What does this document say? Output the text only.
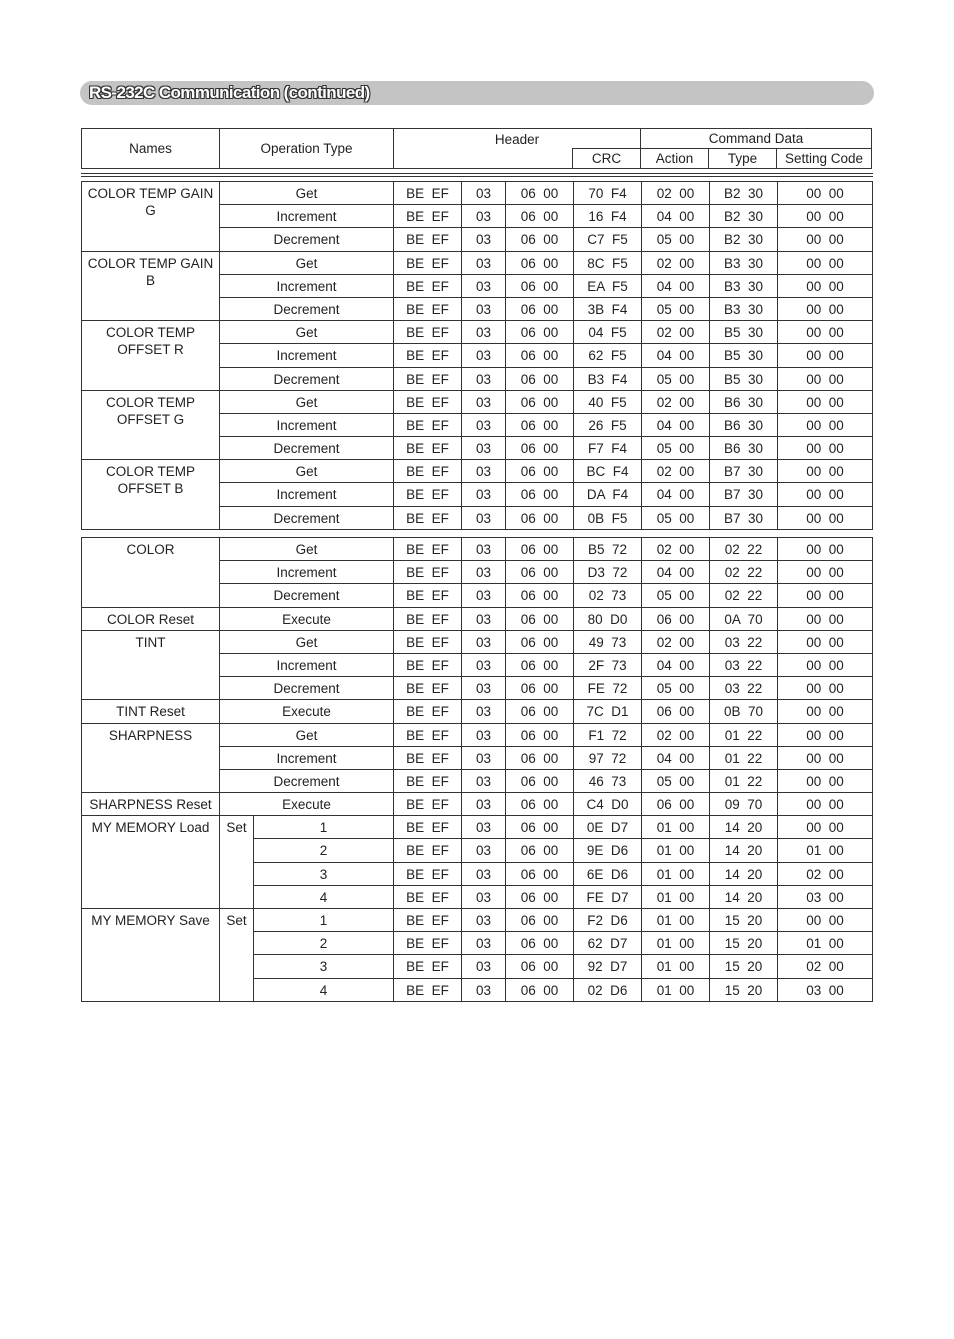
RS-232C Communication (continued)
Names	Operation Type	Header		Command Data		
			CRC	Action	Type	Setting Code
COLOR TEMP GAIN G	Get	BE  EF	03	06  00	70  F4	02  00	B2  30	00  00
	Increment	BE  EF	03	06  00	16  F4	04  00	B2  30	00  00
	Decrement	BE  EF	03	06  00	C7  F5	05  00	B2  30	00  00
COLOR TEMP GAIN B	Get	BE  EF	03	06  00	8C  F5	02  00	B3  30	00  00
	Increment	BE  EF	03	06  00	EA  F5	04  00	B3  30	00  00
	Decrement	BE  EF	03	06  00	3B  F4	05  00	B3  30	00  00
COLOR TEMP
OFFSET R	Get	BE  EF	03	06  00	04  F5	02  00	B5  30	00  00
	Increment	BE  EF	03	06  00	62  F5	04  00	B5  30	00  00
	Decrement	BE  EF	03	06  00	B3  F4	05  00	B5  30	00  00
COLOR TEMP
OFFSET G	Get	BE  EF	03	06  00	40  F5	02  00	B6  30	00  00
	Increment	BE  EF	03	06  00	26  F5	04  00	B6  30	00  00
	Decrement	BE  EF	03	06  00	F7  F4	05  00	B6  30	00  00
COLOR TEMP
OFFSET B	Get	BE  EF	03	06  00	BC  F4	02  00	B7  30	00  00
	Increment	BE  EF	03	06  00	DA  F4	04  00	B7  30	00  00
	Decrement	BE  EF	03	06  00	0B  F5	05  00	B7  30	00  00
COLOR	Get		BE  EF	03	06  00	B5  72	02  00	02  22	00  00
	Increment		BE  EF	03	06  00	D3  72	04  00	02  22	00  00
	Decrement		BE  EF	03	06  00	02  73	05  00	02  22	00  00
COLOR Reset	Execute		BE  EF	03	06  00	80  D0	06  00	0A  70	00  00
TINT	Get		BE  EF	03	06  00	49  73	02  00	03  22	00  00
	Increment		BE  EF	03	06  00	2F  73	04  00	03  22	00  00
	Decrement		BE  EF	03	06  00	FE  72	05  00	03  22	00  00
TINT Reset	Execute		BE  EF	03	06  00	7C  D1	06  00	0B  70	00  00
SHARPNESS	Get		BE  EF	03	06  00	F1  72	02  00	01  22	00  00
	Increment		BE  EF	03	06  00	97  72	04  00	01  22	00  00
	Decrement		BE  EF	03	06  00	46  73	05  00	01  22	00  00
SHARPNESS Reset	Execute		BE  EF	03	06  00	C4  D0	06  00	09  70	00  00
MY MEMORY Load	Set	1	BE  EF	03	06  00	0E  D7	01  00	14  20	00  00
		2	BE  EF	03	06  00	9E  D6	01  00	14  20	01  00
		3	BE  EF	03	06  00	6E  D6	01  00	14  20	02  00
		4	BE  EF	03	06  00	FE  D7	01  00	14  20	03  00
MY MEMORY Save	Set	1	BE  EF	03	06  00	F2  D6	01  00	15  20	00  00
		2	BE  EF	03	06  00	62  D7	01  00	15  20	01  00
		3	BE  EF	03	06  00	92  D7	01  00	15  20	02  00
		4	BE  EF	03	06  00	02  D6	01  00	15  20	03  00
